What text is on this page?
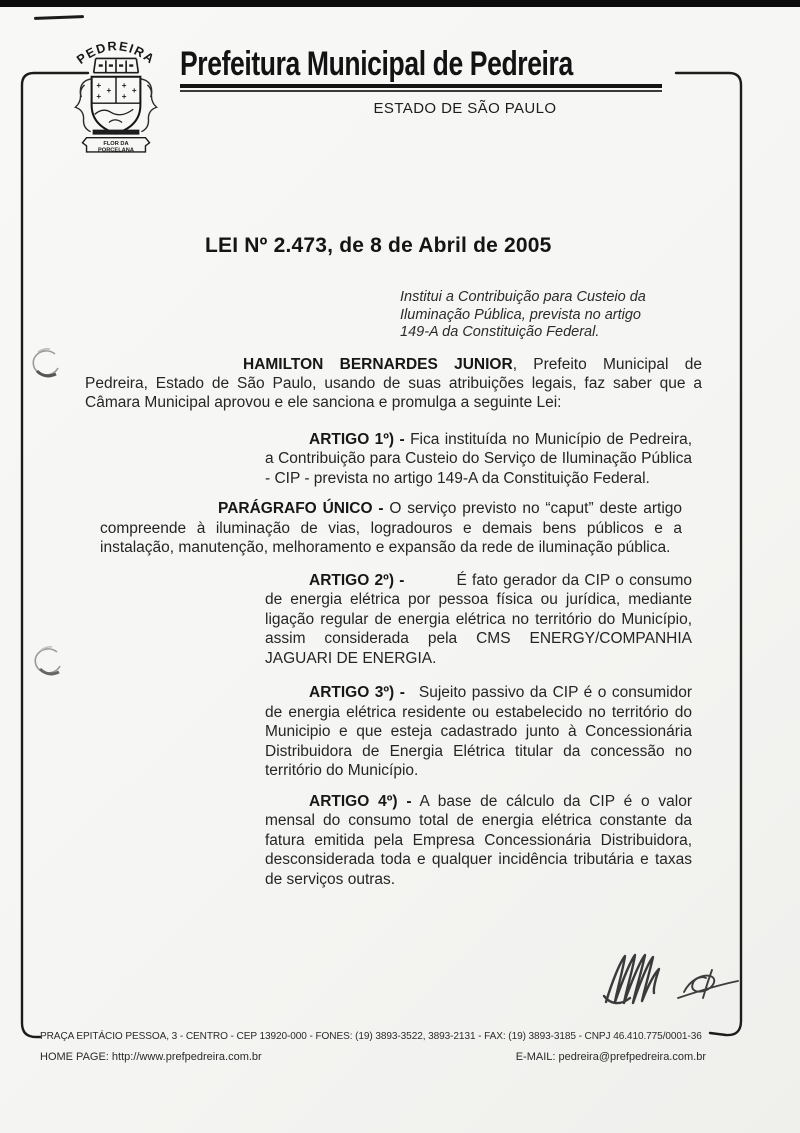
PEDREIRA
+
+
+
+
+
+
FLOR DA
PORCELANA
Prefeitura Municipal de Pedreira
ESTADO DE SÃO PAULO
LEI Nº 2.473, de 8 de Abril de 2005

Institui a Contribuição para Custeio da Iluminação Pública, prevista no artigo 149-A da Constituição Federal.

HAMILTON BERNARDES JUNIOR, Prefeito Municipal de Pedreira, Estado de São Paulo, usando de suas atribuições legais, faz saber que a Câmara Municipal aprovou e ele sanciona e promulga a seguinte Lei:

ARTIGO 1º) - Fica instituída no Município de Pedreira, a Contribuição para Custeio do Serviço de Iluminação Pública - CIP - prevista no artigo 149-A da Constituição Federal.

PARÁGRAFO ÚNICO - O serviço previsto no “caput” deste artigo compreende à iluminação de vias, logradouros e demais bens públicos e a instalação, manutenção, melhoramento e expansão da rede de iluminação pública.

ARTIGO 2º) -	É fato gerador da CIP o consumo de energia elétrica por pessoa física ou jurídica, mediante ligação regular de energia elétrica no território do Município, assim considerada pela CMS ENERGY/COMPANHIA JAGUARI DE ENERGIA.

ARTIGO 3º) - Sujeito passivo da CIP é o consumidor de energia elétrica residente ou estabelecido no território do Municipio e que esteja cadastrado junto à Concessionária Distribuidora de Energia Elétrica titular da concessão no território do Município.

ARTIGO 4º) - A base de cálculo da CIP é o valor mensal do consumo total de energia elétrica constante da fatura emitida pela Empresa Concessionária Distribuidora, desconsiderada toda e qualquer incidência tributária e taxas de serviços outras.

PRAÇA EPITÁCIO PESSOA, 3 - CENTRO - CEP 13920-000 - FONES: (19) 3893-3522, 3893-2131 - FAX: (19) 3893-3185 - CNPJ 46.410.775/0001-36
HOME PAGE: http://www.prefpedreira.com.br	E-MAIL: pedreira@prefpedreira.com.br
